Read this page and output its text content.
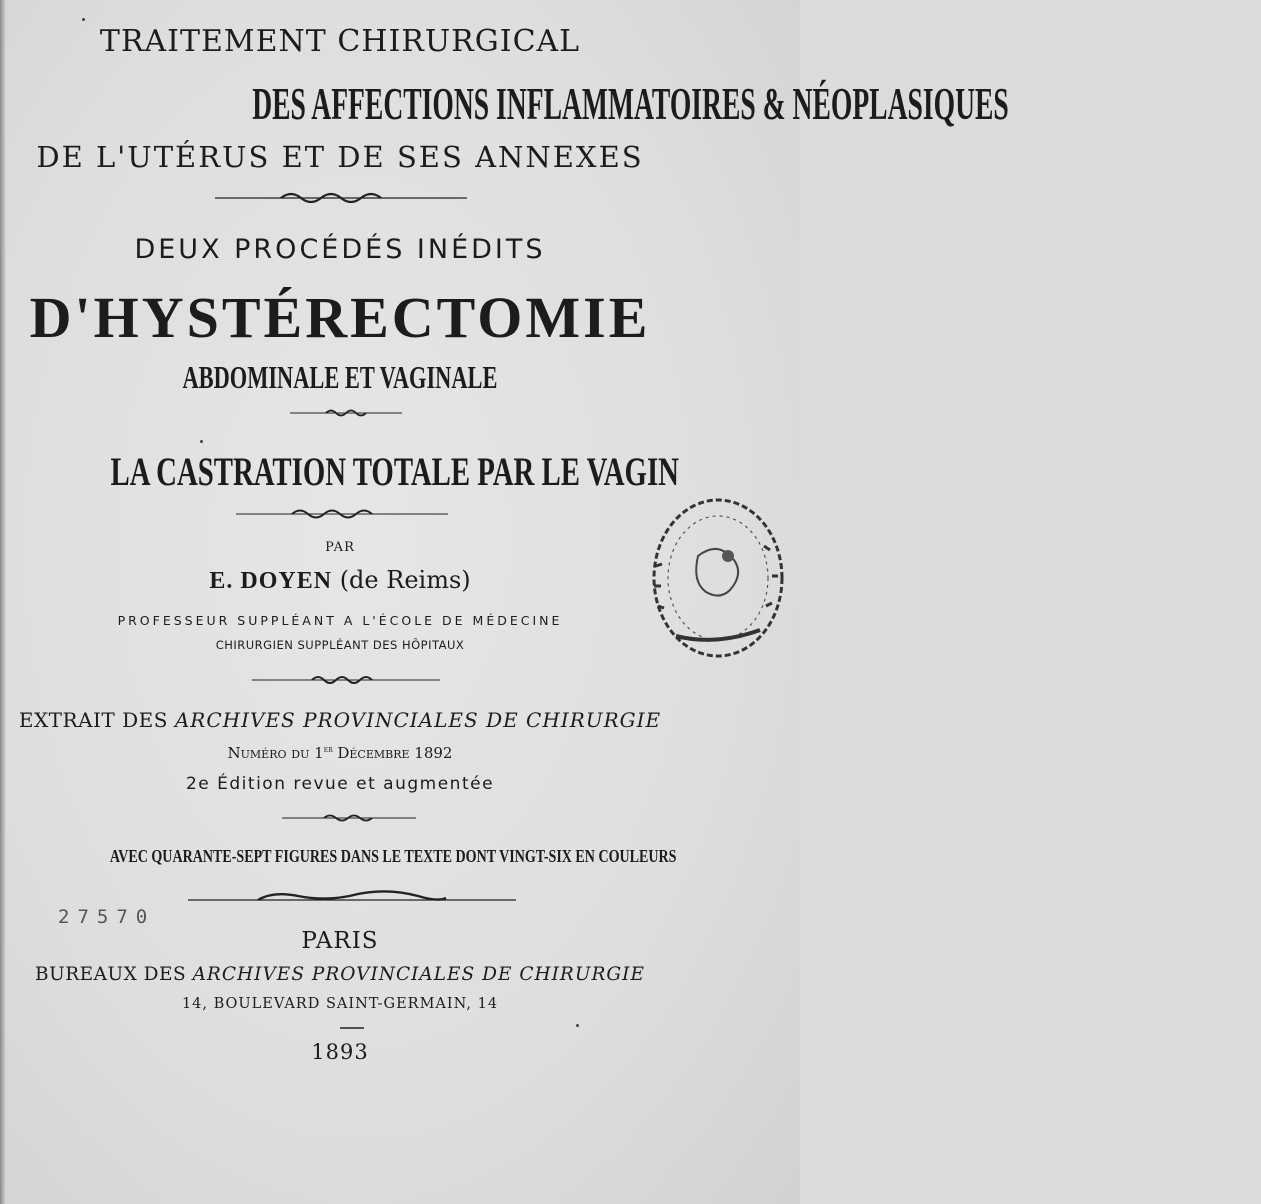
TRAITEMENT CHIRURGICAL
DES AFFECTIONS INFLAMMATOIRES & NÉOPLASIQUES
DE L'UTÉRUS ET DE SES ANNEXES
DEUX PROCÉDÉS INÉDITS
D'HYSTÉRECTOMIE
ABDOMINALE ET VAGINALE
LA CASTRATION TOTALE PAR LE VAGIN
PAR
E. DOYEN (de Reims)
PROFESSEUR SUPPLÉANT A L'ÉCOLE DE MÉDECINE
CHIRURGIEN SUPPLÉANT DES HÔPITAUX
EXTRAIT DES ARCHIVES PROVINCIALES DE CHIRURGIE
Numéro du 1er Décembre 1892
2e Édition revue et augmentée
AVEC QUARANTE-SEPT FIGURES DANS LE TEXTE DONT VINGT-SIX EN COULEURS
27570
PARIS
BUREAUX DES ARCHIVES PROVINCIALES DE CHIRURGIE
14, BOULEVARD SAINT-GERMAIN, 14
1893
